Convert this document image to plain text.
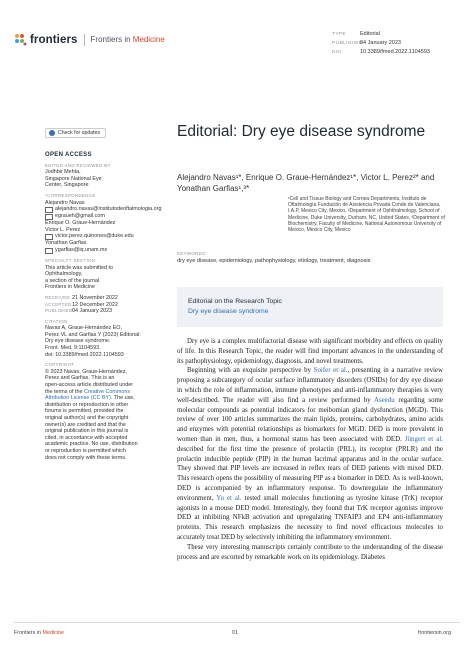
frontiers Frontiers in Medicine
TYPE	Editorial
PUBLISHED04 January 2023
DOI	10.3389/fmed.2022.1104593
Check for updates
OPEN ACCESS
EDITED AND REVIEWED BY
Jodhbir Mehta,
Singapore National Eye
Center, Singapore
*CORRESPONDENCE
Alejandro Navas
alejandro.navas@institutodeoftalmologia.org
egraueh@gmail.com
Enrique O. Graue-Hernández
Victor L. Perez
victor.perez.quinones@duke.edu
Yonathan Garfias
ygarfias@iq.unam.mx
SPECIALTY SECTION
This article was submitted to
Ophthalmology,
a section of the journal
Frontiers in Medicine
RECEIVED 21 November 2022
ACCEPTED 12 December 2022
PUBLISHED 04 January 2023
CITATION
Navas A, Graue-Hernández EO,
Perez VL and Garfias Y (2023) Editorial:
Dry eye disease syndrome.
Front. Med. 9:1104593.
doi: 10.3389/fmed.2022.1104593
COPYRIGHT
© 2023 Navas, Graue-Hernández,
Perez and Garfias. This is an
open-access article distributed under
the terms of the Creative Commons
Attribution License (CC BY). The use,
distribution or reproduction in other
forums is permitted, provided the
original author(s) and the copyright
owner(s) are credited and that the
original publication in this journal is
cited, in accordance with accepted
academic practice. No use, distribution
or reproduction is permitted which
does not comply with these terms.
Editorial: Dry eye disease syndrome
Alejandro Navas¹*, Enrique O. Graue-Hernández¹*, Victor L. Perez²* and Yonathan Garfias¹,³*
¹Cell and Tissue Biology and Cornea Departments, Instituto de Oftalmología Fundación de Asistencia Privada Conde de Valenciana, I.A.P, Mexico City, Mexico, ²Department of Ophthalmology, School of Medicine, Duke University, Durham, NC, United States, ³Department of Biochemistry, Faculty of Medicine, National Autonomous University of Mexico, Mexico City, Mexico
KEYWORDS
dry eye disease, epidemiology, pathophysiology, etiology, treatment, diagnosis
Editorial on the Research Topic
Dry eye disease syndrome

Dry eye is a complex multifactorial disease with significant morbidity and effects on quality of life. In this Research Topic, the reader will find important advances in the understanding of its pathophysiology, epidemiology, diagnosis, and novel treatments.

Beginning with an exquisite perspective by Soifer et al., presenting in a narrative review proposing a subcategory of ocular surface inflammatory disorders (OSIDs) for dry eye disease in which the role of inflammation, immune phenotypes and anti-inflammatory therapies is very well-described. The reader will also find a review performed by Aseedu regarding some molecular compounds as potential indicators for meibomian gland dysfunction (MGD). This review of over 100 articles summarizes the main lipids, proteins, carbohydrates, amino acids and enzymes with potential relationships as biomarkers for MGD. DED is more prevalent in women than in men, thus, a hormonal status has been associated with DED. Jüngert et al. described for the first time the presence of prolactin (PRL), its receptor (PRLR) and the prolactin inducible peptide (PIP) in the human lacrimal apparatus and in the ocular surface. They showed that PIP levels are increased in reflex tears of DED patients with mixed DED. This research opens the possibility of measuring PIP as a biomarker in DED. As is well-known, DED is accompanied by an inflammatory response. To downregulate the inflammatory environment, Yu et al. tested small molecules functioning as tyrosine kinase (TrK) receptor agonists in a mouse DED model. Interestingly, they found that TrK receptor agonists improve DED at inhibiting NFkB activation and upregulating TNFAIP3 and EP4 anti-inflammatory proteins. This research emphasizes the necessity to find novel efficacious molecules to accurately treat DED by selectively inhibiting the inflammatory environment.

These very interesting manuscripts certainly contribute to the understanding of the disease process and are escorted by remarkable work on its epidemiology. Diabetes

Frontiers in Medicine	01	frontiersin.org
